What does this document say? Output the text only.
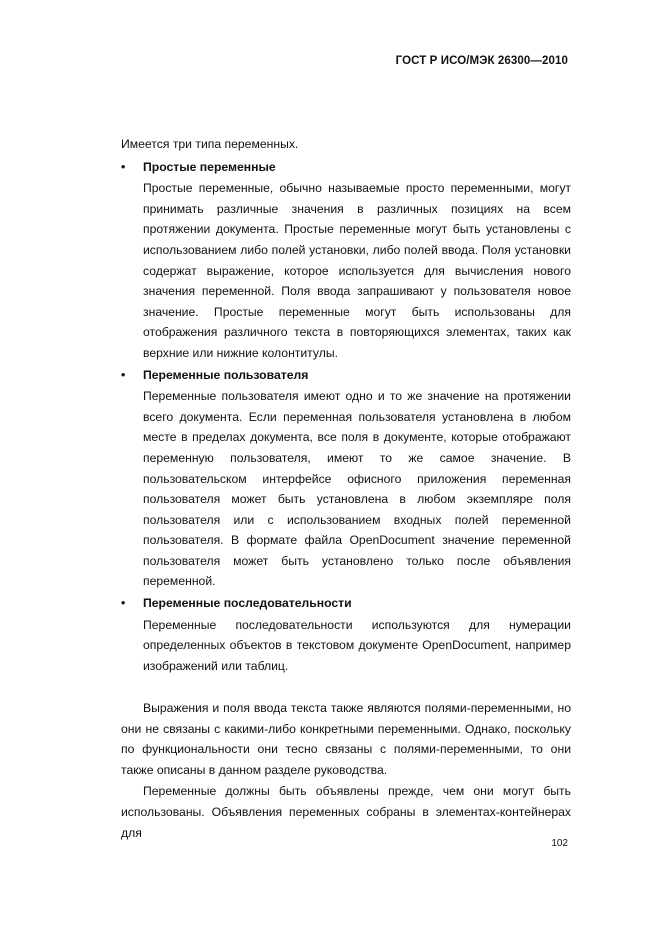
ГОСТ Р ИСО/МЭК 26300—2010

Имеется три типа переменных.

•	Простые переменные

Простые переменные, обычно называемые просто переменными, могут принимать различные значения в различных позициях на всем протяжении документа. Простые переменные могут быть установлены с использованием либо полей установки, либо полей ввода. Поля установки содержат выражение, которое используется для вычисления нового значения переменной. Поля ввода запрашивают у пользователя новое значение. Простые переменные могут быть использованы для отображения различного текста в повторяющихся элементах, таких как верхние или нижние колонтитулы.

•	Переменные пользователя

Переменные пользователя имеют одно и то же значение на протяжении всего документа. Если переменная пользователя установлена в любом месте в пределах документа, все поля в документе, которые отображают переменную пользователя, имеют то же самое значение. В пользовательском интерфейсе офисного приложения переменная пользователя может быть установлена в любом экземпляре поля пользователя или с использованием входных полей переменной пользователя. В формате файла OpenDocument значение переменной пользователя может быть установлено только после объявления переменной.

•	Переменные последовательности

Переменные последовательности используются для нумерации определенных объектов в текстовом документе OpenDocument, например изображений или таблиц.

Выражения и поля ввода текста также являются полями-переменными, но они не связаны с какими-либо конкретными переменными. Однако, поскольку по функциональности они тесно связаны с полями-переменными, то они также описаны в данном разделе руководства.

Переменные должны быть объявлены прежде, чем они могут быть использованы. Объявления переменных собраны в элементах-контейнерах для

102
